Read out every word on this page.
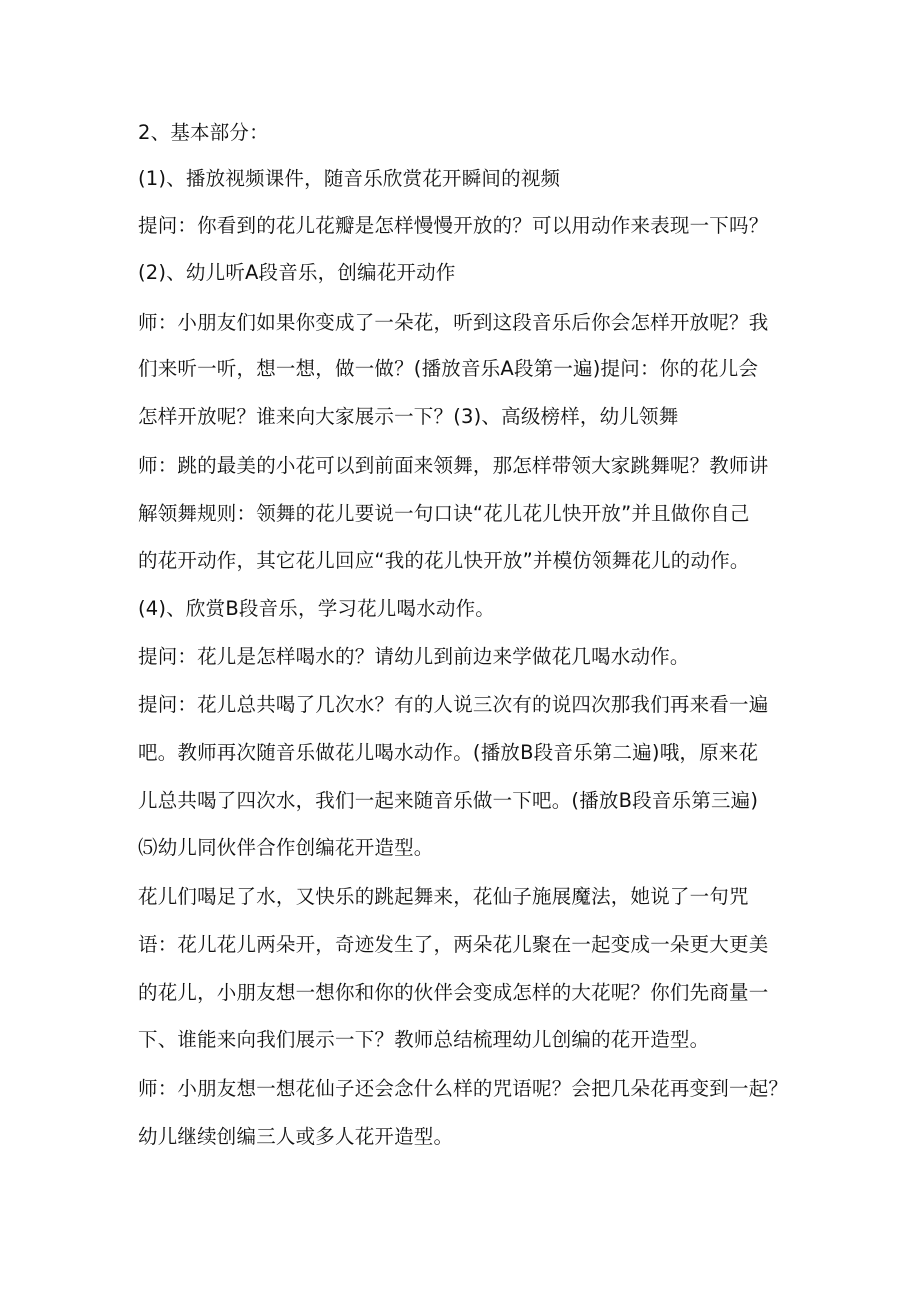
2、基本部分：
(1)、播放视频课件，随音乐欣赏花开瞬间的视频
提问：你看到的花儿花瓣是怎样慢慢开放的？可以用动作来表现一下吗？
(2)、幼儿听A段音乐，创编花开动作
师：小朋友们如果你变成了一朵花，听到这段音乐后你会怎样开放呢？我
们来听一听，想一想，做一做？(播放音乐A段第一遍)提问：你的花儿会
怎样开放呢？谁来向大家展示一下？(3)、高级榜样，幼儿领舞
师：跳的最美的小花可以到前面来领舞，那怎样带领大家跳舞呢？教师讲
解领舞规则：领舞的花儿要说一句口诀“花儿花儿快开放”并且做你自己
的花开动作，其它花儿回应“我的花儿快开放”并模仿领舞花儿的动作。
(4)、欣赏B段音乐，学习花儿喝水动作。
提问：花儿是怎样喝水的？请幼儿到前边来学做花几喝水动作。
提问：花儿总共喝了几次水？有的人说三次有的说四次那我们再来看一遍
吧。教师再次随音乐做花儿喝水动作。(播放B段音乐第二遍)哦，原来花
儿总共喝了四次水，我们一起来随音乐做一下吧。(播放B段音乐第三遍)
⑸幼儿同伙伴合作创编花开造型。
花儿们喝足了水，又快乐的跳起舞来，花仙子施展魔法，她说了一句咒
语：花儿花儿两朵开，奇迹发生了，两朵花儿聚在一起变成一朵更大更美
的花儿，小朋友想一想你和你的伙伴会变成怎样的大花呢？你们先商量一
下、谁能来向我们展示一下？教师总结梳理幼儿创编的花开造型。
师：小朋友想一想花仙子还会念什么样的咒语呢？会把几朵花再变到一起？
幼儿继续创编三人或多人花开造型。
